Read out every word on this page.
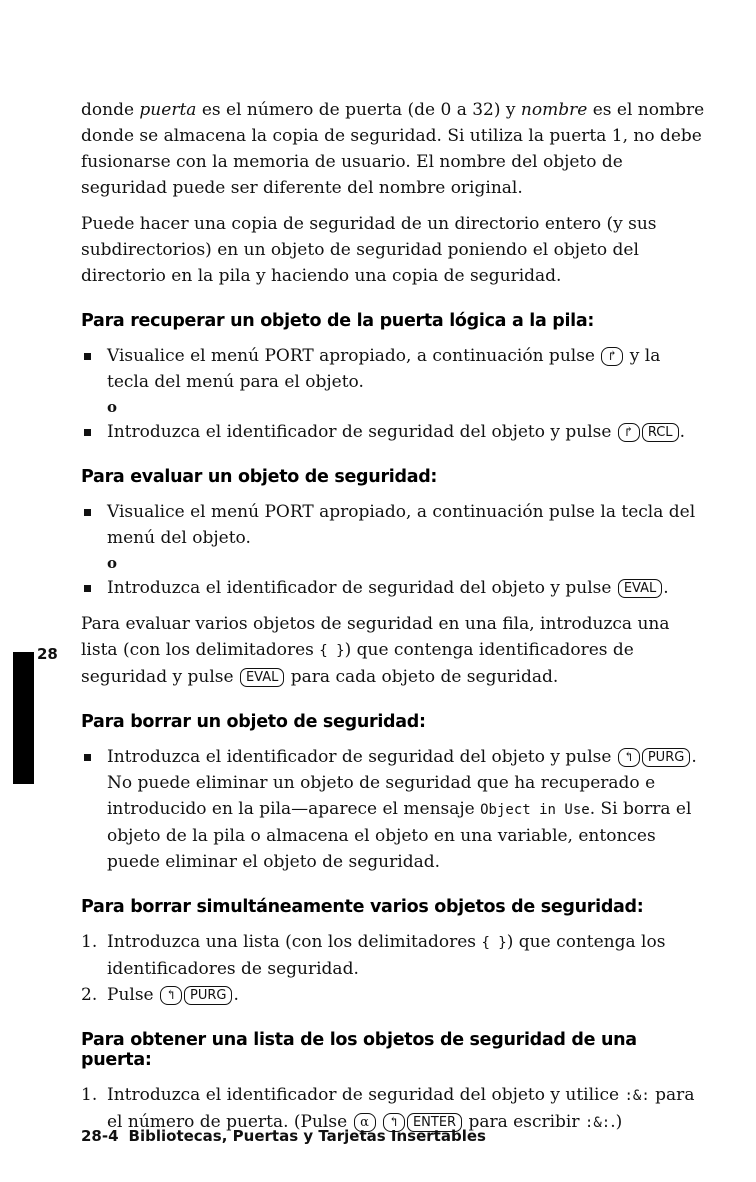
28

donde puerta es el número de puerta (de 0 a 32) y nombre es el nombre donde se almacena la copia de seguridad. Si utiliza la puerta 1, no debe fusionarse con la memoria de usuario. El nombre del objeto de seguridad puede ser diferente del nombre original.

Puede hacer una copia de seguridad de un directorio entero (y sus subdirectorios) en un objeto de seguridad poniendo el objeto del directorio en la pila y haciendo una copia de seguridad.

Para recuperar un objeto de la puerta lógica a la pila:
Visualice el menú PORT apropiado, a continuación pulse ↱ y la tecla del menú para el objeto.
o
Introduzca el identificador de seguridad del objeto y pulse ↱ RCL .
Para evaluar un objeto de seguridad:
Visualice el menú PORT apropiado, a continuación pulse la tecla del menú del objeto.
o
Introduzca el identificador de seguridad del objeto y pulse EVAL .

Para evaluar varios objetos de seguridad en una fila, introduzca una lista (con los delimitadores { }) que contenga identificadores de seguridad y pulse EVAL para cada objeto de seguridad.

Para borrar un objeto de seguridad:
Introduzca el identificador de seguridad del objeto y pulse ↰ PURG . No puede eliminar un objeto de seguridad que ha recuperado e introducido en la pila—aparece el mensaje Object in Use. Si borra el objeto de la pila o almacena el objeto en una variable, entonces puede eliminar el objeto de seguridad.
Para borrar simultáneamente varios objetos de seguridad:
1. Introduzca una lista (con los delimitadores { }) que contenga los identificadores de seguridad.
2. Pulse ↰ PURG .
Para obtener una lista de los objetos de seguridad de una puerta:
1. Introduzca el identificador de seguridad del objeto y utilice :&: para el número de puerta. (Pulse α ↰ ENTER para escribir :&:.)
28-4 Bibliotecas, Puertas y Tarjetas Insertables
